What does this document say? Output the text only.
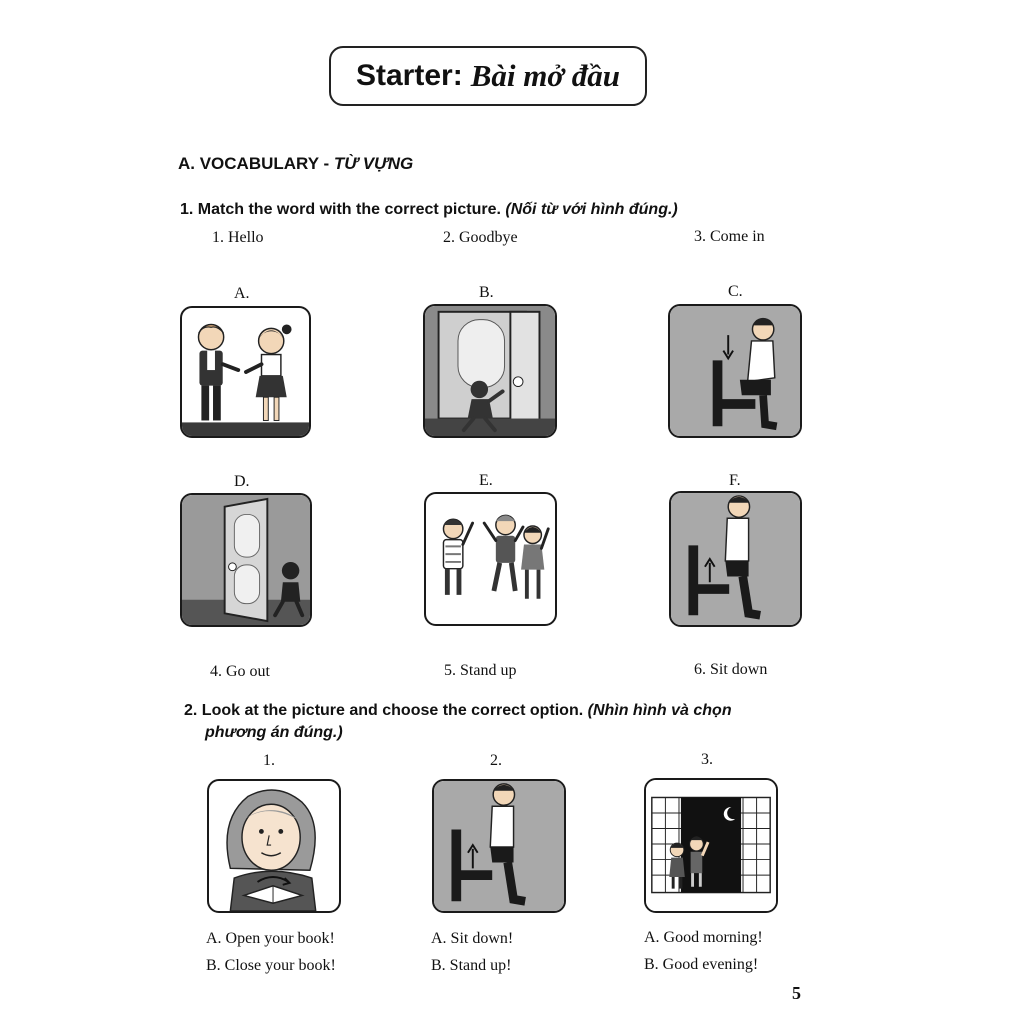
Starter: Bài mở đầu
A. VOCABULARY - TỪ VỰNG
1. Match the word with the correct picture. (Nối từ với hình đúng.)
1. Hello	2. Goodbye	3. Come in
A.	B.	C.
D.	E.	F.
4. Go out	5. Stand up	6. Sit down
2. Look at the picture and choose the correct option. (Nhìn hình và chọn
phương án đúng.)
1.	2.	3.
A. Open your book!
B. Close your book!
A. Sit down!
B. Stand up!
A. Good morning!
B. Good evening!
5
